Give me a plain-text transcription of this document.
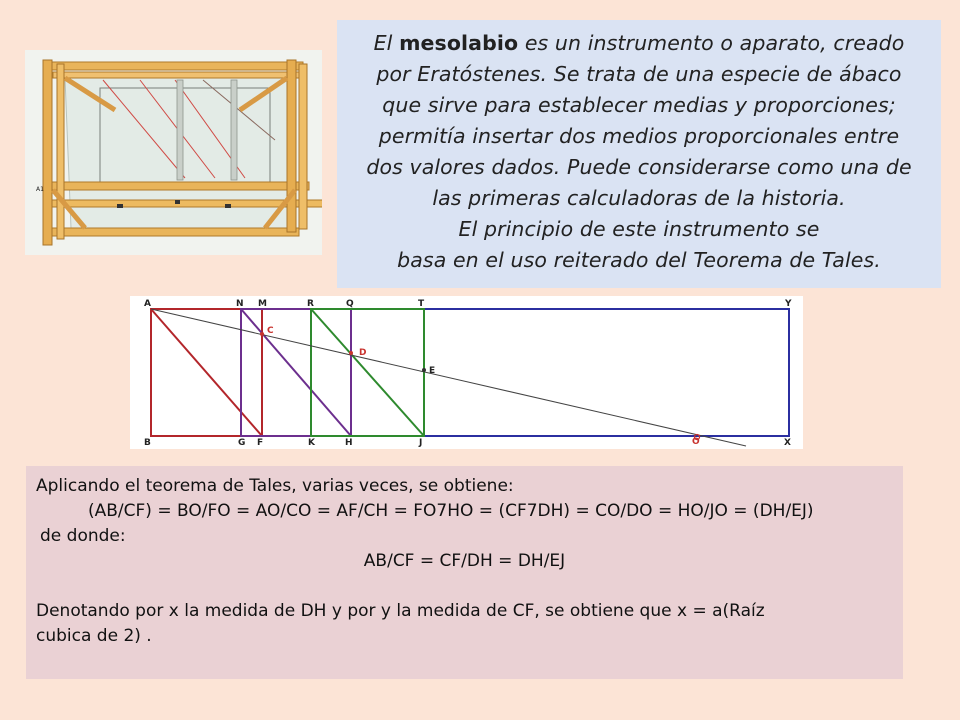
A1
El mesolabio es un instrumento o aparato, creado
por Eratóstenes. Se trata de una especie de ábaco
que sirve para establecer medias y proporciones;
permitía insertar dos medios proporcionales entre
dos valores dados. Puede considerarse como una de
las primeras calculadoras de la historia.
El principio de este instrumento se
basa en el uso reiterado del Teorema de Tales.
A	N M	R	Q	T	Y
B	G F	K	H	J	X
C
D
E
O
Aplicando el teorema de Tales, varias veces, se obtiene:
(AB/CF) = BO/FO = AO/CO = AF/CH = FO7HO = (CF7DH) = CO/DO = HO/JO = (DH/EJ)
de donde:
AB/CF = CF/DH = DH/EJ
Denotando por x la medida de DH y por y la medida de CF, se obtiene que x = a(Raíz
cubica de 2) .
